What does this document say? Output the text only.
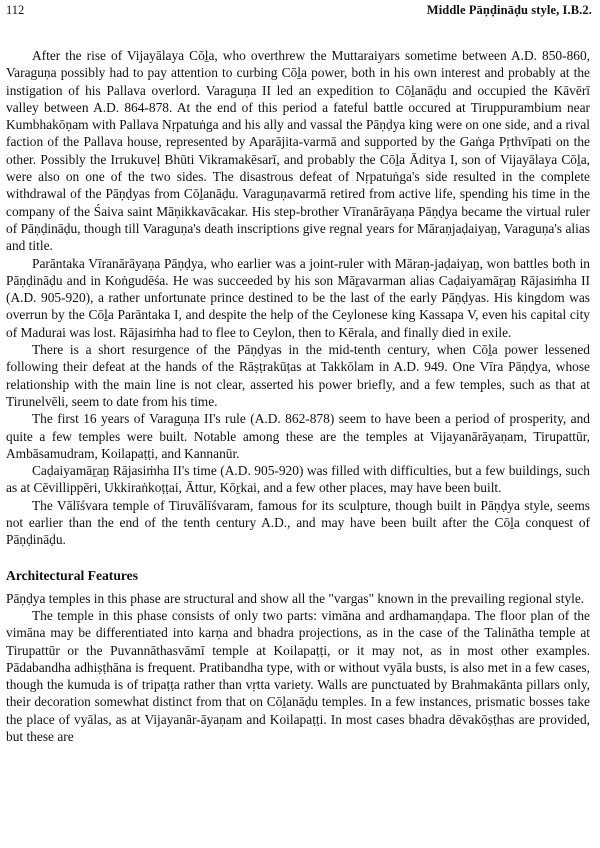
112	Middle Pāṇḍināḍu style, I.B.2.

After the rise of Vijayālaya Cōḻa, who overthrew the Muttaraiyars sometime between A.D. 850-860, Varaguṇa possibly had to pay attention to curbing Cōḻa power, both in his own interest and probably at the instigation of his Pallava overlord. Varaguṇa II led an expedition to Cōḻanāḍu and occupied the Kāvērī valley between A.D. 864-878. At the end of this period a fateful battle occured at Tiruppurambium near Kumbhakōṇam with Pallava Nṛpatuṅga and his ally and vassal the Pāṇḍya king were on one side, and a rival faction of the Pallava house, represented by Aparājita-varmā and supported by the Gaṅga Pṛthvīpati on the other. Possibly the Irrukuveḷ Bhūti Vikramakēsarī, and probably the Cōḻa Āditya I, son of Vijayālaya Cōḻa, were also on one of the two sides. The disastrous defeat of Nṛpatuṅga's side resulted in the complete withdrawal of the Pāṇḍyas from Cōḻanāḍu. Varaguṇavarmā retired from active life, spending his time in the company of the Śaiva saint Māṇikkavācakar. His step-brother Vīranārāyaṇa Pāṇḍya became the virtual ruler of Pāṇḍināḍu, though till Varaguṇa's death inscriptions give regnal years for Māraṇjaḍaiyaṉ, Varaguṇa's alias and title.

Parāntaka Vīranārāyaṇa Pāṇḍya, who earlier was a joint-ruler with Māraṇ-jaḍaiyaṉ, won battles both in Pāṇḍināḍu and in Koṅgudēśa. He was succeeded by his son Māṟavarman alias Caḍaiyamāṟaṉ Rājasiṁha II (A.D. 905-920), a rather unfortunate prince destined to be the last of the early Pāṇḍyas. His kingdom was overrun by the Cōḻa Parāntaka I, and despite the help of the Ceylonese king Kassapa V, even his capital city of Madurai was lost. Rājasiṁha had to flee to Ceylon, then to Kērala, and finally died in exile.

There is a short resurgence of the Pāṇḍyas in the mid-tenth century, when Cōḻa power lessened following their defeat at the hands of the Rāṣṭrakūṭas at Takkōlam in A.D. 949. One Vīra Pāṇḍya, whose relationship with the main line is not clear, asserted his power briefly, and a few temples, such as that at Tirunelvēli, seem to date from his time.

The first 16 years of Varaguṇa II's rule (A.D. 862-878) seem to have been a period of prosperity, and quite a few temples were built. Notable among these are the temples at Vijayanārāyaṇam, Tirupattūr, Ambāsamudram, Koilapaṭṭi, and Kannanūr.

Caḍaiyamāṟaṉ Rājasiṁha II's time (A.D. 905-920) was filled with difficulties, but a few buildings, such as at Cēvillippēri, Ukkiraṅkoṭṭai, Āttur, Kōṟkai, and a few other places, may have been built.

The Vālīśvara temple of Tiruvālīśvaram, famous for its sculpture, though built in Pāṇḍya style, seems not earlier than the end of the tenth century A.D., and may have been built after the Cōḻa conquest of Pāṇḍināḍu.

Architectural Features

Pāṇḍya temples in this phase are structural and show all the "vargas" known in the prevailing regional style.

The temple in this phase consists of only two parts: vimāna and ardhamaṇḍapa. The floor plan of the vimāna may be differentiated into karṇa and bhadra projections, as in the case of the Talinātha temple at Tirupattūr or the Puvannāthasvāmī temple at Koilapaṭṭi, or it may not, as in most other examples. Pādabandha adhiṣṭhāna is frequent. Pratibandha type, with or without vyāla busts, is also met in a few cases, though the kumuda is of tripaṭṭa rather than vṛtta variety. Walls are punctuated by Brahmakānta pillars only, their decoration somewhat distinct from that on Cōḻanāḍu temples. In a few instances, prismatic bosses take the place of vyālas, as at Vijayanār-āyaṇam and Koilapaṭṭi. In most cases bhadra dēvakōṣṭhas are provided, but these are
